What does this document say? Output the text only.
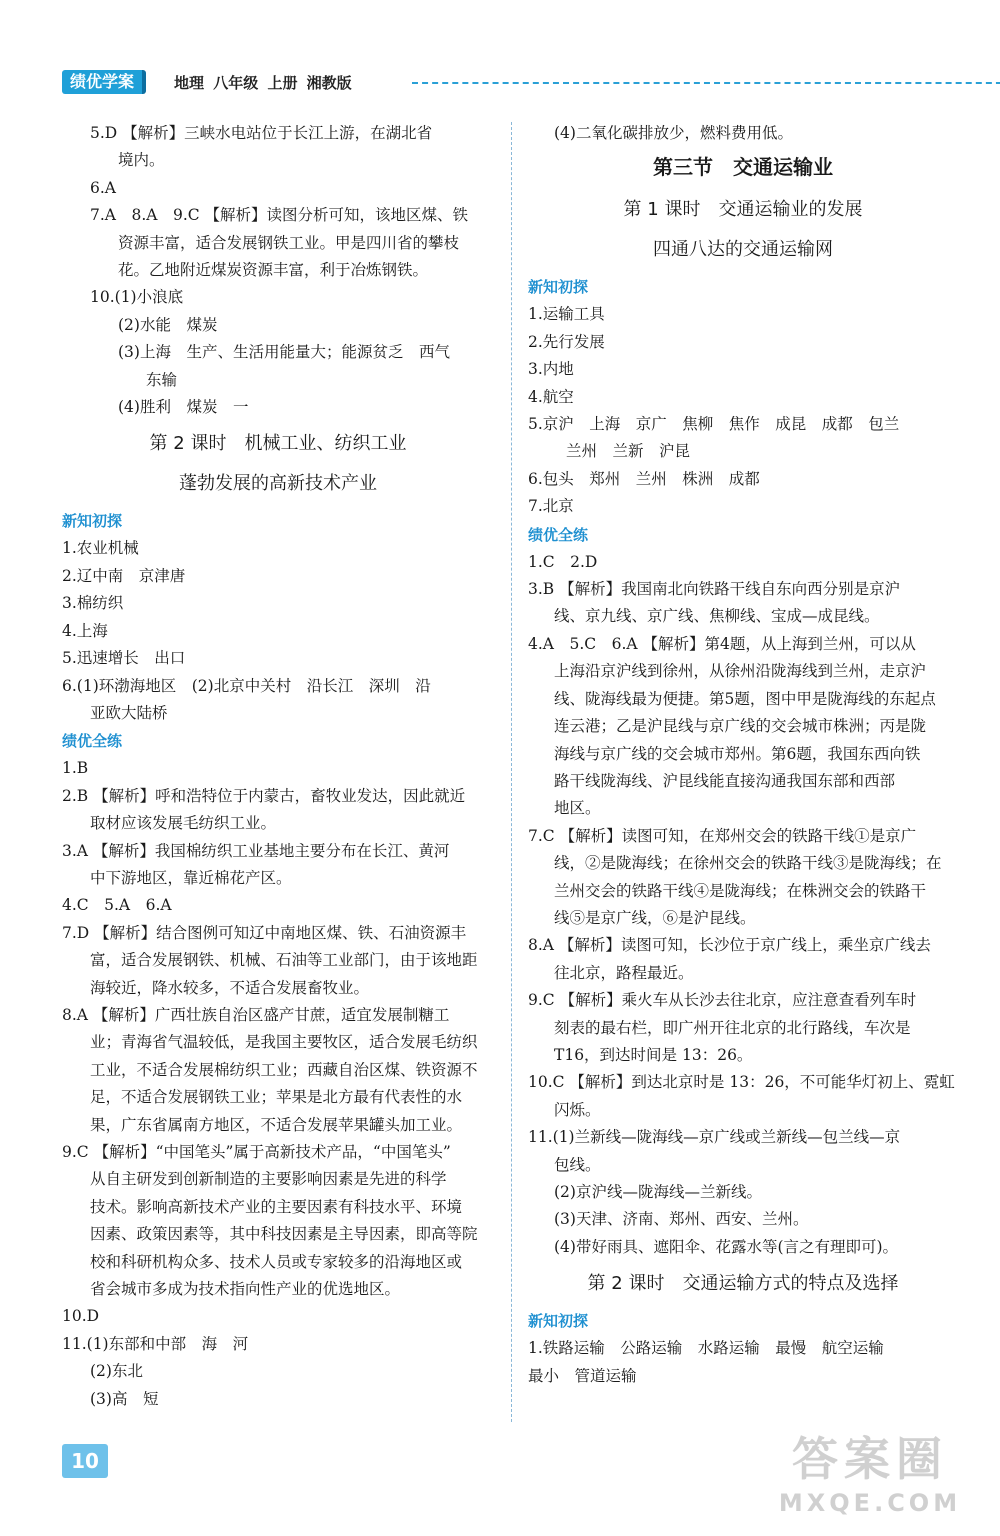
绩优学案	地理 八年级 上册 湘教版
5.D 【解析】三峡水电站位于长江上游，在湖北省
境内。
6.A
7.A　8.A　9.C 【解析】读图分析可知，该地区煤、铁
资源丰富，适合发展钢铁工业。甲是四川省的攀枝
花。乙地附近煤炭资源丰富，利于冶炼钢铁。
10.(1)小浪底
(2)水能　煤炭
(3)上海　生产、生活用能量大；能源贫乏　西气
东输
(4)胜利　煤炭　一
第 2 课时　机械工业、纺织工业
蓬勃发展的高新技术产业
新知初探
1.农业机械
2.辽中南　京津唐
3.棉纺织
4.上海
5.迅速增长　出口
6.(1)环渤海地区　(2)北京中关村　沿长江　深圳　沿
亚欧大陆桥
绩优全练
1.B
2.B 【解析】呼和浩特位于内蒙古，畜牧业发达，因此就近
取材应该发展毛纺织工业。
3.A 【解析】我国棉纺织工业基地主要分布在长江、黄河
中下游地区，靠近棉花产区。
4.C　5.A　6.A
7.D 【解析】结合图例可知辽中南地区煤、铁、石油资源丰
富，适合发展钢铁、机械、石油等工业部门，由于该地距
海较近，降水较多，不适合发展畜牧业。
8.A 【解析】广西壮族自治区盛产甘蔗，适宜发展制糖工
业；青海省气温较低，是我国主要牧区，适合发展毛纺织
工业，不适合发展棉纺织工业；西藏自治区煤、铁资源不
足，不适合发展钢铁工业；苹果是北方最有代表性的水
果，广东省属南方地区，不适合发展苹果罐头加工业。
9.C 【解析】“中国笔头”属于高新技术产品，“中国笔头”
从自主研发到创新制造的主要影响因素是先进的科学
技术。影响高新技术产业的主要因素有科技水平、环境
因素、政策因素等，其中科技因素是主导因素，即高等院
校和科研机构众多、技术人员或专家较多的沿海地区或
省会城市多成为技术指向性产业的优选地区。
10.D
11.(1)东部和中部　海　河
(2)东北
(3)高　短
(4)二氧化碳排放少，燃料费用低。
第三节　交通运输业
第 1 课时　交通运输业的发展
四通八达的交通运输网
新知初探
1.运输工具
2.先行发展
3.内地
4.航空
5.京沪　上海　京广　焦柳　焦作　成昆　成都　包兰
兰州　兰新　沪昆
6.包头　郑州　兰州　株洲　成都
7.北京
绩优全练
1.C　2.D
3.B 【解析】我国南北向铁路干线自东向西分别是京沪
线、京九线、京广线、焦柳线、宝成—成昆线。
4.A　5.C　6.A 【解析】第4题，从上海到兰州，可以从
上海沿京沪线到徐州，从徐州沿陇海线到兰州，走京沪
线、陇海线最为便捷。第5题，图中甲是陇海线的东起点
连云港；乙是沪昆线与京广线的交会城市株洲；丙是陇
海线与京广线的交会城市郑州。第6题，我国东西向铁
路干线陇海线、沪昆线能直接沟通我国东部和西部
地区。
7.C 【解析】读图可知，在郑州交会的铁路干线①是京广
线，②是陇海线；在徐州交会的铁路干线③是陇海线；在
兰州交会的铁路干线④是陇海线；在株洲交会的铁路干
线⑤是京广线，⑥是沪昆线。
8.A 【解析】读图可知，长沙位于京广线上，乘坐京广线去
往北京，路程最近。
9.C 【解析】乘火车从长沙去往北京，应注意查看列车时
刻表的最右栏，即广州开往北京的北行路线，车次是
T16，到达时间是 13：26。
10.C 【解析】到达北京时是 13：26，不可能华灯初上、霓虹
闪烁。
11.(1)兰新线—陇海线—京广线或兰新线—包兰线—京
包线。
(2)京沪线—陇海线—兰新线。
(3)天津、济南、郑州、西安、兰州。
(4)带好雨具、遮阳伞、花露水等(言之有理即可)。
第 2 课时　交通运输方式的特点及选择
新知初探
1.铁路运输　公路运输　水路运输　最慢　航空运输
最小　管道运输
10	答案圈
MXQE.COM
